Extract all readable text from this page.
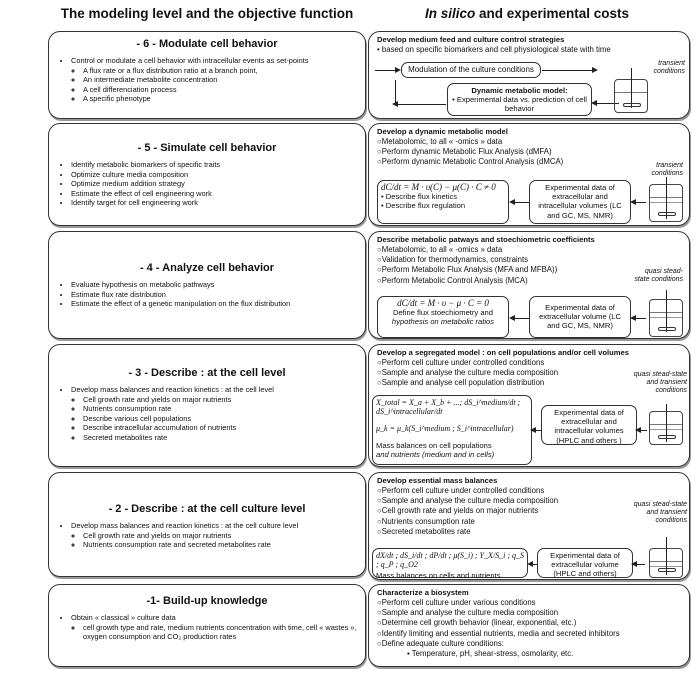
The modeling level and the objective function	In silico and experimental costs
- 6 - Modulate cell behavior
• Control or modulate a cell behavior with intracellular events as set-points
◦ A flux rate or a flux distribution ratio at a branch point,
◦ An intermediate metabolite concentration
◦ A cell differenciation process
◦ A specific phenotype
Develop medium feed and culture control strategies
• based on specific biomarkers and cell physiological state with time
Modulation of the culture conditions
Dynamic metabolic model:
• Experimental data vs. prediction of cell behavior
transient conditions
- 5 - Simulate cell behavior
• Identify metabolic biomarkers of specific traits
• Optimize culture media composition
• Optimize medium addition strategy
• Estimate the effect of cell engineering work
• Identify target for cell engineering work
Develop a dynamic metabolic model
○Metabolomic, to all « -omics » data
○Perform dynamic Metabolic Flux Analysis (dMFA)
○Perform dynamic Metabolic Control Analysis (dMCA)
dC/dt = M · υ(C) − μ(C) · C ≠ 0
• Describe flux kinetics
• Describe flux regulation
Experimental data of extracellular and intracellular volumes (LC and GC, MS, NMR)
transient conditions
- 4 - Analyze cell behavior
• Evaluate hypothesis on metabolic pathways
• Estimate flux rate distribution
• Estimate the effect of a genetic manipulation on the flux distribution
Describe metabolic patways and stoechiometric coefficients
○Metabolomic, to all « -omics » data
○Validation for thermodynamics, constraints
○Perform Metabolic Flux Analysis (MFA and MFBA))
○Perform Metabolic Control Analysis (MCA)
dC/dt = M · υ − μ · C = 0
Define flux stoechiometry and
hypothesis on metabolic ratios
Experimental data of extracellular volume (LC and GC, MS, NMR)
quasi stead-state conditions
- 3 - Describe : at the cell level
• Develop mass balances and reaction kinetics : at the cell level
◦ Cell growth rate and yields on major nutrients
◦ Nutrients consumption rate
◦ Describe various cell populations
◦ Describe intracellular accumulation of nutrients
◦ Secreted metabolites rate
Develop a segregated model : on cell populations and/or cell volumes
○Perform cell culture under controlled conditions
○Sample and analyse the culture media composition
○Sample and analyse cell population distribution
X_total = X_a + X_b + ...; dS_i^medium/dt ; dS_i^intracellular/dt
μ_k = μ_k(S_i^medium ; S_i^intracellular)
Mass balances on cell populations
and nutrients (medium and in cells)
Experimental data of extracellular and intracellular volumes (HPLC and others )
quasi stead-state and transient conditions
- 2 - Describe : at the cell culture level
• Develop mass balances and reaction kinetics : at the cell culture level
◦ Cell growth rate and yields on major nutrients
◦ Nutrients consumption rate and secreted metabolites rate
Develop essential mass balances
○Perform cell culture under controlled conditions
○Sample and analyse the culture media composition
○Cell growth rate and yields on major nutrients
○Nutrients consumption rate
○Secreted metabolites rate
dX/dt ; dS_i/dt ; dP/dt ; μ(S_i) ; Y_X/S_i ; q_S ; q_P ; q_O2
Mass balances on cells and nutrients
Experimental data of extracellular volume (HPLC and others)
quasi stead-state and transient conditions
-1- Build-up knowledge
• Obtain « classical » culture data
◦ cell growth type and rate, medium nutrients concentration with time, cell « wastes », oxygen consumption and CO₂ production rates
Characterize a biosystem
○Perform cell culture under various conditions
○Sample and analyse the culture media composition
○Determine cell growth behavior (linear, exponential, etc.)
○Identify limiting and essential nutrients, media and secreted inhibitors
○Define adequate culture conditions:
▪ Temperature, pH, shear-stress, osmolarity, etc.
